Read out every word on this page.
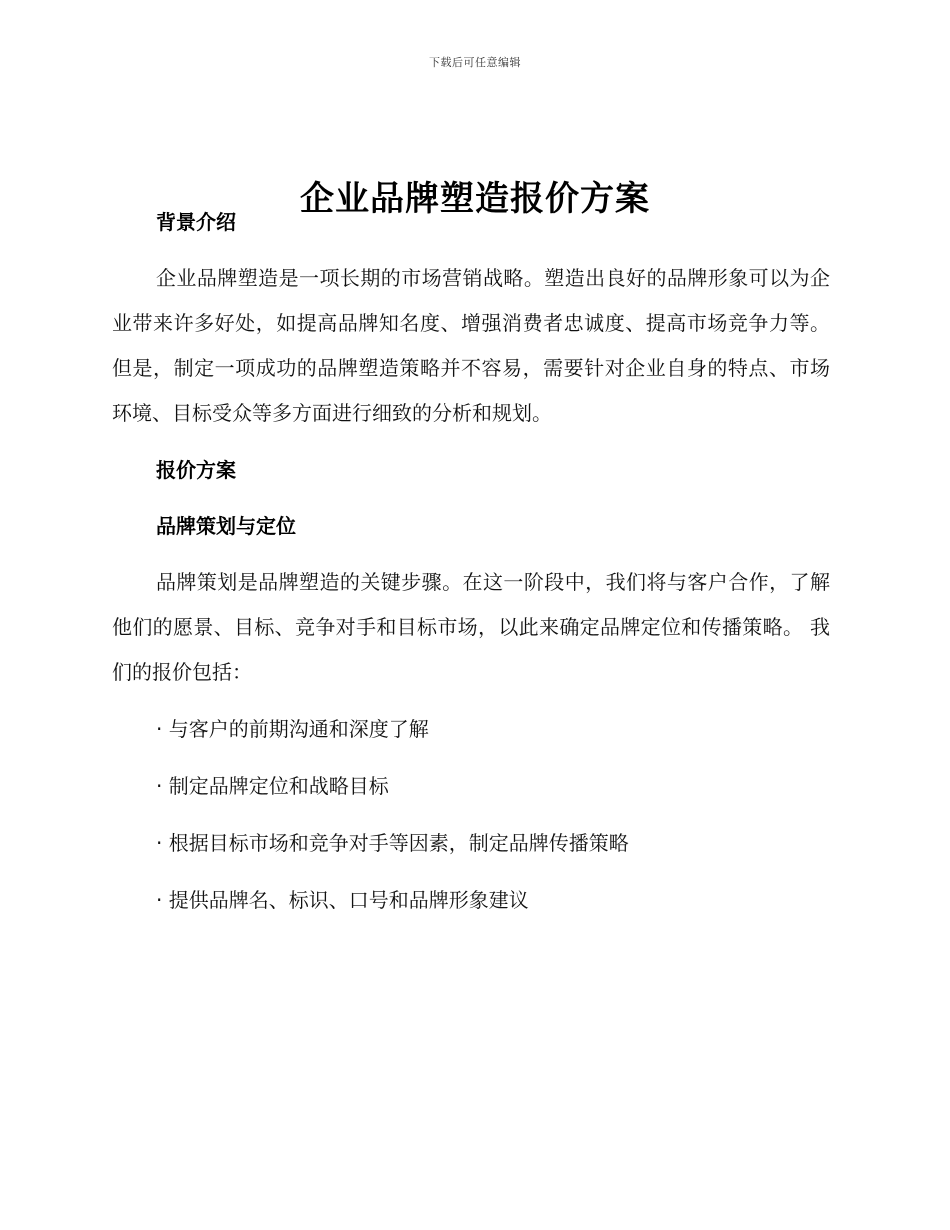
下载后可任意编辑
企业品牌塑造报价方案
背景介绍

企业品牌塑造是一项长期的市场营销战略。塑造出良好的品牌形象可以为企业带来许多好处，如提高品牌知名度、增强消费者忠诚度、提高市场竞争力等。但是，制定一项成功的品牌塑造策略并不容易，需要针对企业自身的特点、市场环境、目标受众等多方面进行细致的分析和规划。

报价方案
品牌策划与定位

品牌策划是品牌塑造的关键步骤。在这一阶段中，我们将与客户合作，了解他们的愿景、目标、竞争对手和目标市场，以此来确定品牌定位和传播策略。 我们的报价包括：

· 与客户的前期沟通和深度了解

· 制定品牌定位和战略目标

· 根据目标市场和竞争对手等因素，制定品牌传播策略

· 提供品牌名、标识、口号和品牌形象建议
